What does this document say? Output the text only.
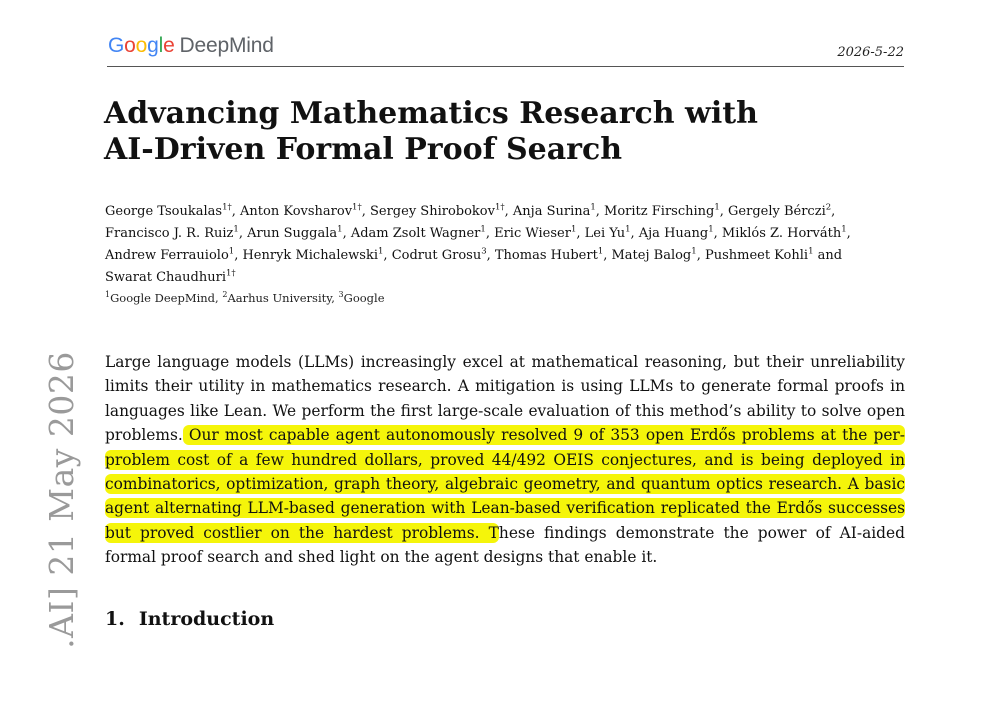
Google DeepMind	2026-5-22
Advancing Mathematics Research with
AI-Driven Formal Proof Search

George Tsoukalas$^{1\dagger}$, Anton Kovsharov$^{1\dagger}$, Sergey Shirobokov$^{1\dagger}$, Anja Surina$^1$, Moritz Firsching$^1$, Gergely Bérczi$^2$, Francisco J. R. Ruiz$^1$, Arun Suggala$^1$, Adam Zsolt Wagner$^1$, Eric Wieser$^1$, Lei Yu$^1$, Aja Huang$^1$, Miklós Z. Horváth$^1$, Andrew Ferrauiolo$^1$, Henryk Michalewski$^1$, Codrut Grosu$^3$, Thomas Hubert$^1$, Matej Balog$^1$, Pushmeet Kohli$^1$ and Swarat Chaudhuri$^{1\dagger}$

$^1$Google DeepMind, $^2$Aarhus University, $^3$Google

Large language models (LLMs) increasingly excel at mathematical reasoning, but their unreliability limits their utility in mathematics research. A mitigation is using LLMs to generate formal proofs in languages like Lean. We perform the first large-scale evaluation of this method’s ability to solve open problems. Our most capable agent autonomously resolved 9 of 353 open Erdős problems at the per-problem cost of a few hundred dollars, proved 44/492 OEIS conjectures, and is being deployed in combinatorics, optimization, graph theory, algebraic geometry, and quantum optics research. A basic agent alternating LLM-based generation with Lean-based verification replicated the Erdős successes but proved costlier on the hardest problems. These findings demonstrate the power of AI-aided formal proof search and shed light on the agent designs that enable it.

.AI] 21 May 2026 1. Introduction
